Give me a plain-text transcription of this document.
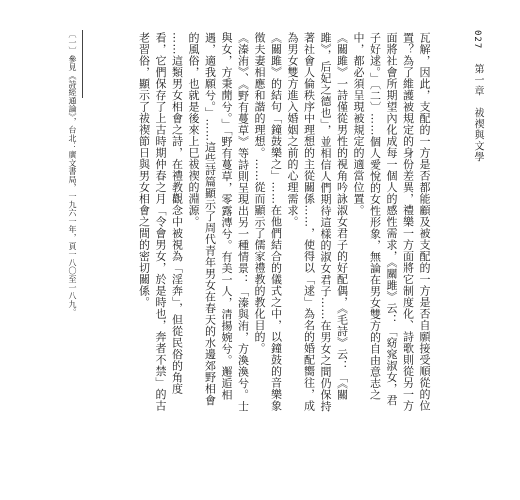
027 第一章　祓禊與文學

瓦解，因此，支配的一方是否都能顧及被支配的一方是否自願接受順從的位置？為了維護被規定的身份差異，禮樂一方面將它制度化、詩歌則從另一方面將社會所期望內化成每一個人的感性需求，《關雎》云：「窈窕淑女，君子好逑。」〔二〕……個人愛悅的女性形象，無論在男女雙方的自由意志之中，都必須呈現被規定的適當位置。

《關雎》一詩僅從男性的視角吟詠淑女君子的好配偶，《毛詩》云：「《關雎》，后妃之德也」，並相信人們期待這樣的淑女君子……在男女之間仍保持著社會人倫秩序中理想的主從關係……，使得以「逑」為名的婚配嚮往，成為男女雙方進入婚姻之前的心理需求。

《關雎》的結句「鐘鼓樂之」……在他們結合的儀式之中，以鐘鼓的音樂象徵夫妻相應和諧的理想。……從而顯示了儒家禮教的教化目的。

《溱洧》、《野有蔓草》等詩則呈現出另一種情景：「溱與洧，方渙渙兮。士與女，方秉蕑兮。」「野有蔓草，零露漙兮。有美一人，清揚婉兮。邂逅相遇，適我願兮。」……這些詩篇顯示了周代青年男女在春天的水邊郊野相會的風俗，也就是後來上巳祓禊的淵源。

……這類男女相會之詩，在禮教觀念中被視為「淫奔」，但從民俗的角度看，它們保存了上古時期仲春之月「令會男女，於是時也，奔者不禁」的古老習俗，顯示了祓禊節日與男女相會之間的密切關係。

〔一〕參見《詩經通論》，台北：廣文書局，一九六一年，頁一八〇至一八九。
